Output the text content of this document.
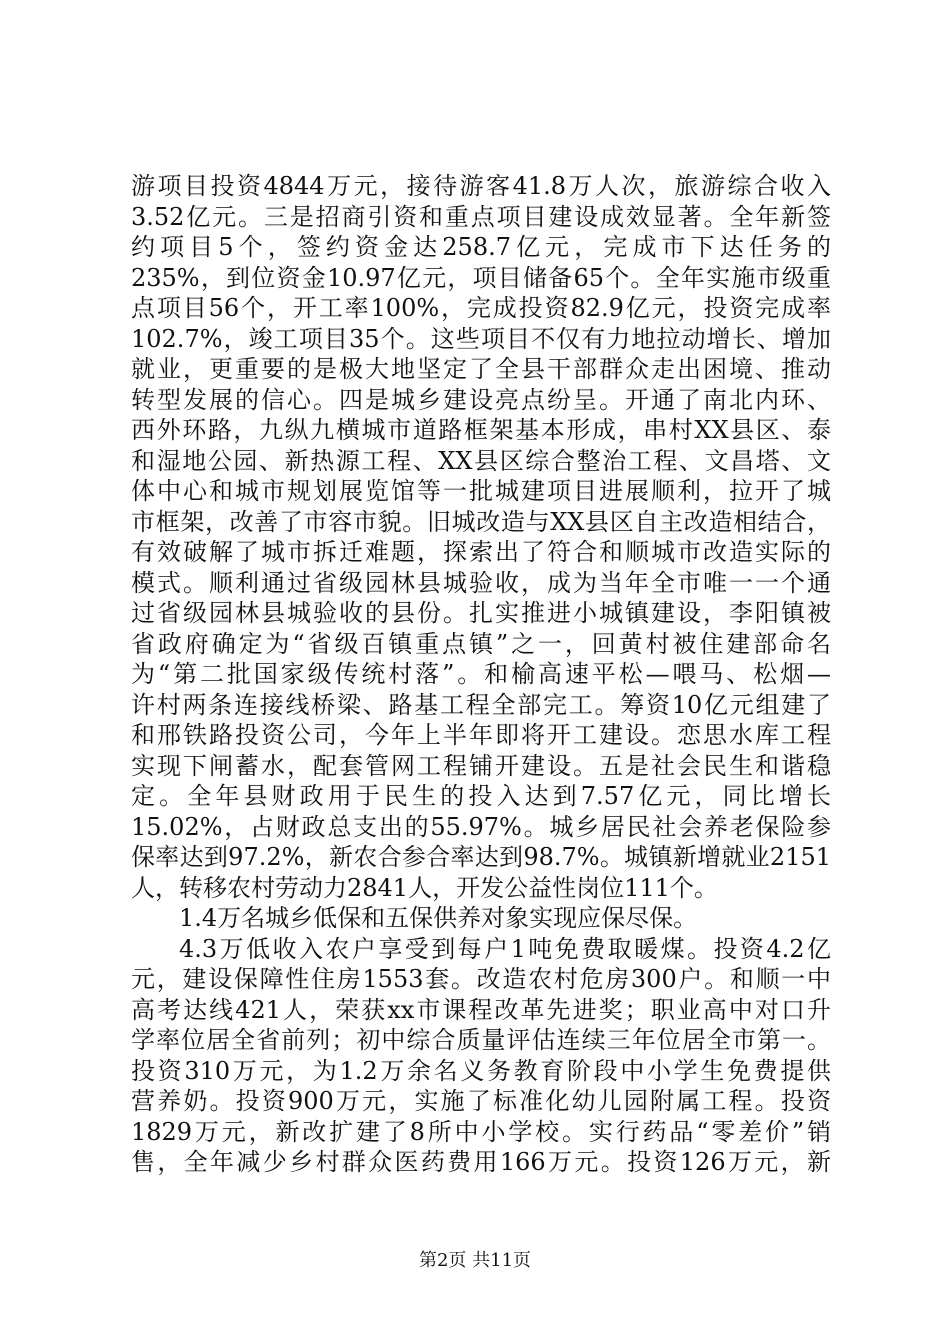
游项目投资4844万元，接待游客41.8万人次，旅游综合收入
3.52亿元。三是招商引资和重点项目建设成效显著。全年新签
约项目5个，签约资金达258.7亿元，完成市下达任务的
235%，到位资金10.97亿元，项目储备65个。全年实施市级重
点项目56个，开工率100%，完成投资82.9亿元，投资完成率
102.7%，竣工项目35个。这些项目不仅有力地拉动增长、增加
就业，更重要的是极大地坚定了全县干部群众走出困境、推动
转型发展的信心。四是城乡建设亮点纷呈。开通了南北内环、
西外环路，九纵九横城市道路框架基本形成，串村XX县区、泰
和湿地公园、新热源工程、XX县区综合整治工程、文昌塔、文
体中心和城市规划展览馆等一批城建项目进展顺利，拉开了城
市框架，改善了市容市貌。旧城改造与XX县区自主改造相结合，
有效破解了城市拆迁难题，探索出了符合和顺城市改造实际的
模式。顺利通过省级园林县城验收，成为当年全市唯一一个通
过省级园林县城验收的县份。扎实推进小城镇建设，李阳镇被
省政府确定为“省级百镇重点镇”之一，回黄村被住建部命名
为“第二批国家级传统村落”。和榆高速平松—喂马、松烟—
许村两条连接线桥梁、路基工程全部完工。筹资10亿元组建了
和邢铁路投资公司，今年上半年即将开工建设。恋思水库工程
实现下闸蓄水，配套管网工程铺开建设。五是社会民生和谐稳
定。全年县财政用于民生的投入达到7.57亿元，同比增长
15.02%，占财政总支出的55.97%。城乡居民社会养老保险参
保率达到97.2%，新农合参合率达到98.7%。城镇新增就业2151
人，转移农村劳动力2841人，开发公益性岗位111个。
1.4万名城乡低保和五保供养对象实现应保尽保。
4.3万低收入农户享受到每户1吨免费取暖煤。投资4.2亿
元，建设保障性住房1553套。改造农村危房300户。和顺一中
高考达线421人，荣获xx市课程改革先进奖；职业高中对口升
学率位居全省前列；初中综合质量评估连续三年位居全市第一。
投资310万元，为1.2万余名义务教育阶段中小学生免费提供
营养奶。投资900万元，实施了标准化幼儿园附属工程。投资
1829万元，新改扩建了8所中小学校。实行药品“零差价”销
售，全年减少乡村群众医药费用166万元。投资126万元，新
第2页 共11页
